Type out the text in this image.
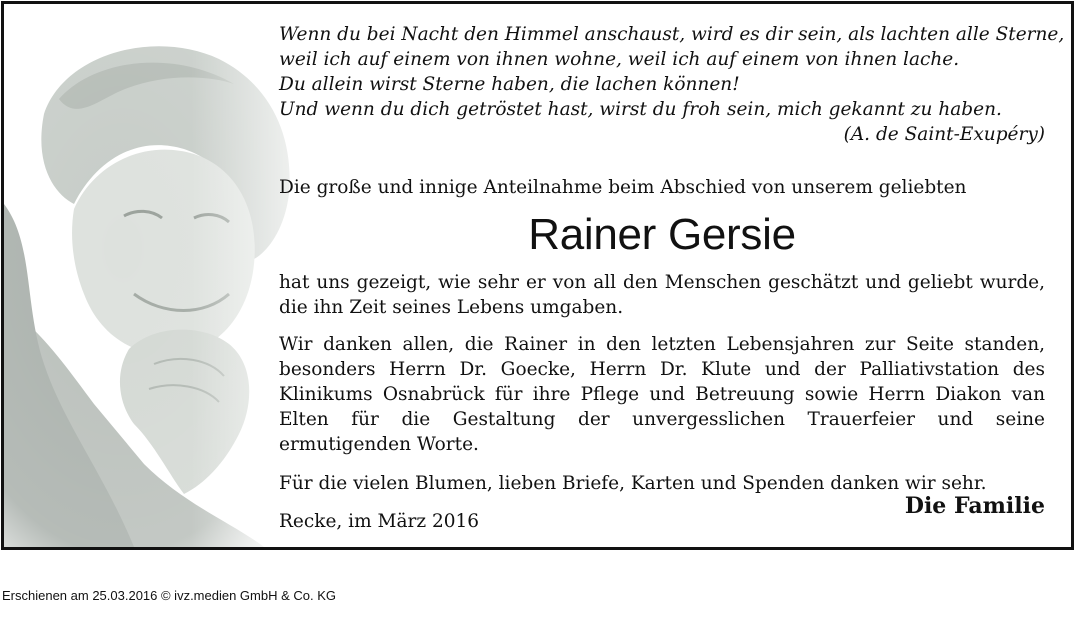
Wenn du bei Nacht den Himmel anschaust, wird es dir sein, als lachten alle Sterne,
weil ich auf einem von ihnen wohne, weil ich auf einem von ihnen lache.
Du allein wirst Sterne haben, die lachen können!
Und wenn du dich getröstet hast, wirst du froh sein, mich gekannt zu haben.

(A. de Saint-Exupéry)

Die große und innige Anteilnahme beim Abschied von unserem geliebten
Rainer Gersie

hat uns gezeigt, wie sehr er von all den Menschen geschätzt und geliebt wurde, die ihn Zeit seines Lebens umgaben.

Wir danken allen, die Rainer in den letzten Lebensjahren zur Seite standen, besonders Herrn Dr. Goecke, Herrn Dr. Klute und der Palliativstation des Klinikums Osnabrück für ihre Pflege und Betreuung sowie Herrn Diakon van Elten für die Gestaltung der unvergesslichen Trauerfeier und seine ermutigenden Worte.

Für die vielen Blumen, lieben Briefe, Karten und Spenden danken wir sehr.
Recke, im März 2016
Die Familie
Erschienen am 25.03.2016 © ivz.medien GmbH & Co. KG
